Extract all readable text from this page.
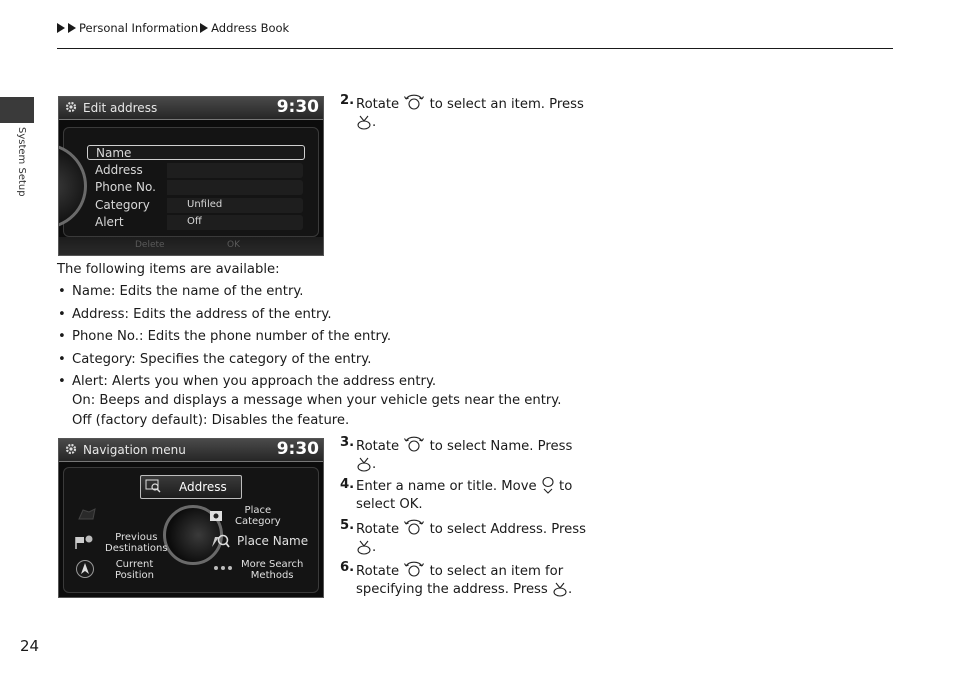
Personal Information Address Book
System Setup
Edit address	9:30
Name
Address
Phone No.
Category	Unfiled
Alert	Off
Delete	OK
2. Rotate  to select an item. Press
.
The following items are available:
• Name: Edits the name of the entry.
• Address: Edits the address of the entry.
• Phone No.: Edits the phone number of the entry.
• Category: Specifies the category of the entry.
• Alert: Alerts you when you approach the address entry.
On: Beeps and displays a message when your vehicle gets near the entry.
Off (factory default): Disables the feature.
Navigation menu	9:30
Address
Place
Category
Place Name
Previous
Destinations
Current
Position
More Search
Methods
3. Rotate  to select Name. Press
.
4. Enter a name or title. Move  to select OK.
5. Rotate  to select Address. Press
.
6. Rotate  to select an item for specifying the address. Press .
24
